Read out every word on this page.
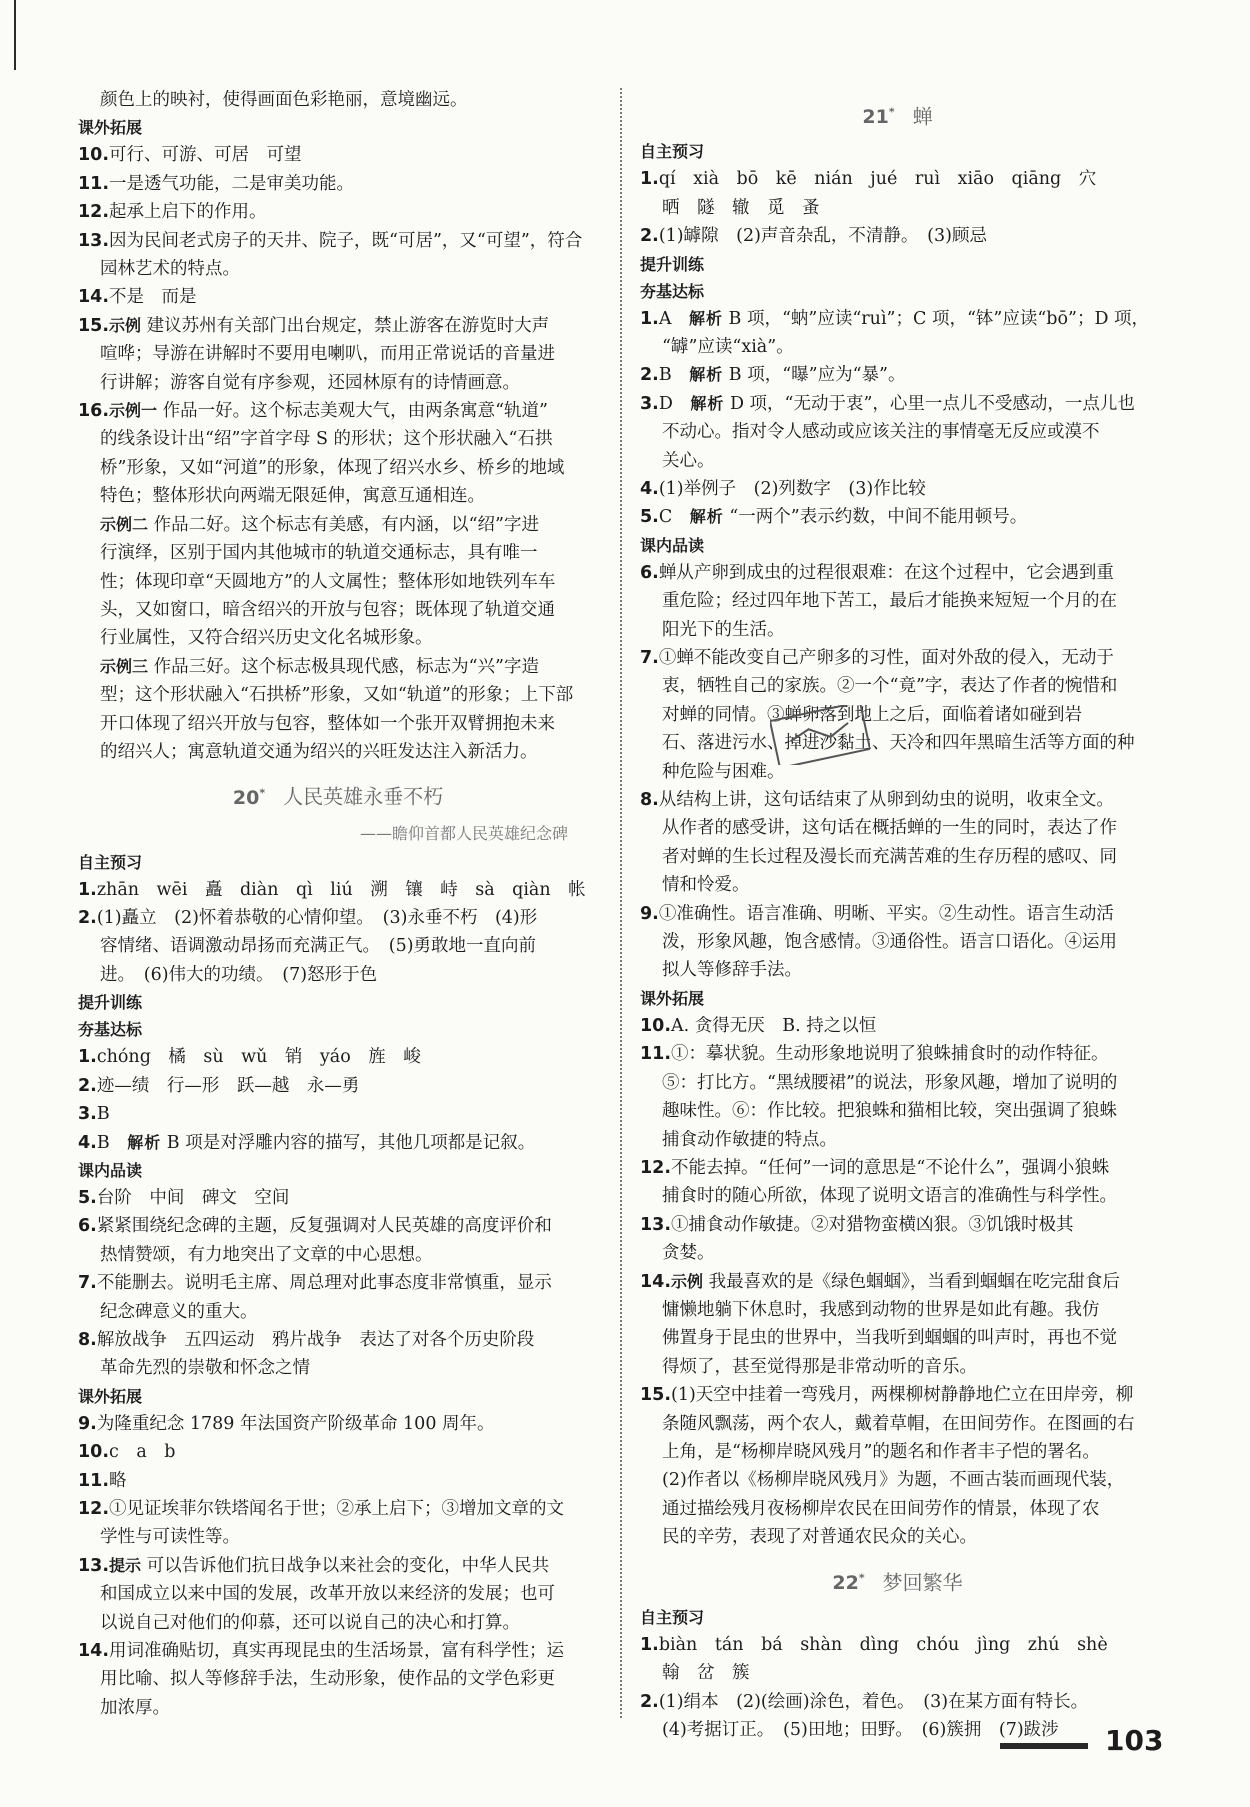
颜色上的映衬，使得画面色彩艳丽，意境幽远。
课外拓展
10.可行、可游、可居　可望
11.一是透气功能，二是审美功能。
12.起承上启下的作用。
13.因为民间老式房子的天井、院子，既“可居”，又“可望”，符合
园林艺术的特点。
14.不是　而是
15.示例 建议苏州有关部门出台规定，禁止游客在游览时大声
喧哗；导游在讲解时不要用电喇叭，而用正常说话的音量进
行讲解；游客自觉有序参观，还园林原有的诗情画意。
16.示例一 作品一好。这个标志美观大气，由两条寓意“轨道”
的线条设计出“绍”字首字母 S 的形状；这个形状融入“石拱
桥”形象，又如“河道”的形象，体现了绍兴水乡、桥乡的地域
特色；整体形状向两端无限延伸，寓意互通相连。
示例二 作品二好。这个标志有美感，有内涵，以“绍”字进
行演绎，区别于国内其他城市的轨道交通标志，具有唯一
性；体现印章“天圆地方”的人文属性；整体形如地铁列车车
头，又如窗口，暗含绍兴的开放与包容；既体现了轨道交通
行业属性，又符合绍兴历史文化名城形象。
示例三 作品三好。这个标志极具现代感，标志为“兴”字造
型；这个形状融入“石拱桥”形象，又如“轨道”的形象；上下部
开口体现了绍兴开放与包容，整体如一个张开双臂拥抱未来
的绍兴人；寓意轨道交通为绍兴的兴旺发达注入新活力。
20* 人民英雄永垂不朽
——瞻仰首都人民英雄纪念碑
自主预习
1.zhān　wēi　矗　diàn　qì　liú　溯　镶　峙　sà　qiàn　帐
2.(1)矗立　(2)怀着恭敬的心情仰望。　(3)永垂不朽　(4)形
容情绪、语调激动昂扬而充满正气。　(5)勇敢地一直向前
进。　(6)伟大的功绩。　(7)怒形于色
提升训练
夯基达标
1.chóng　橘　sù　wǔ　销　yáo　旌　峻
2.迹—绩　行—形　跃—越　永—勇
3.B
4.B　解析 B 项是对浮雕内容的描写，其他几项都是记叙。
课内品读
5.台阶　中间　碑文　空间
6.紧紧围绕纪念碑的主题，反复强调对人民英雄的高度评价和
热情赞颂，有力地突出了文章的中心思想。
7.不能删去。说明毛主席、周总理对此事态度非常慎重，显示
纪念碑意义的重大。
8.解放战争　五四运动　鸦片战争　表达了对各个历史阶段
革命先烈的崇敬和怀念之情
课外拓展
9.为隆重纪念 1789 年法国资产阶级革命 100 周年。
10.c　a　b
11.略
12.①见证埃菲尔铁塔闻名于世；②承上启下；③增加文章的文
学性与可读性等。
13.提示 可以告诉他们抗日战争以来社会的变化，中华人民共
和国成立以来中国的发展，改革开放以来经济的发展；也可
以说自己对他们的仰慕，还可以说自己的决心和打算。
14.用词准确贴切，真实再现昆虫的生活场景，富有科学性；运
用比喻、拟人等修辞手法，生动形象，使作品的文学色彩更
加浓厚。
21* 蝉
自主预习
1.qí　xià　bō　kē　nián　jué　ruì　xiāo　qiāng　穴
晒　隧　辙　觅　蚤
2.(1)罅隙　(2)声音杂乱，不清静。　(3)顾忌
提升训练
夯基达标
1.A　解析 B 项，“蚋”应读“ruì”；C 项，“钵”应读“bō”；D 项，
“罅”应读“xià”。
2.B　解析 B 项，“曝”应为“暴”。
3.D　解析 D 项，“无动于衷”，心里一点儿不受感动，一点儿也
不动心。指对令人感动或应该关注的事情毫无反应或漠不
关心。
4.(1)举例子　(2)列数字　(3)作比较
5.C　解析 “一两个”表示约数，中间不能用顿号。
课内品读
6.蝉从产卵到成虫的过程很艰难：在这个过程中，它会遇到重
重危险；经过四年地下苦工，最后才能换来短短一个月的在
阳光下的生活。
7.①蝉不能改变自己产卵多的习性，面对外敌的侵入，无动于
衷，牺牲自己的家族。②一个“竟”字，表达了作者的惋惜和
对蝉的同情。③蝉卵落到地上之后，面临着诸如碰到岩
石、落进污水、掉进沙黏土、天冷和四年黑暗生活等方面的种
种危险与困难。
8.从结构上讲，这句话结束了从卵到幼虫的说明，收束全文。
从作者的感受讲，这句话在概括蝉的一生的同时，表达了作
者对蝉的生长过程及漫长而充满苦难的生存历程的感叹、同
情和怜爱。
9.①准确性。语言准确、明晰、平实。②生动性。语言生动活
泼，形象风趣，饱含感情。③通俗性。语言口语化。④运用
拟人等修辞手法。
课外拓展
10.A. 贪得无厌　B. 持之以恒
11.①：摹状貌。生动形象地说明了狼蛛捕食时的动作特征。
⑤：打比方。“黑绒腰裙”的说法，形象风趣，增加了说明的
趣味性。⑥：作比较。把狼蛛和猫相比较，突出强调了狼蛛
捕食动作敏捷的特点。
12.不能去掉。“任何”一词的意思是“不论什么”，强调小狼蛛
捕食时的随心所欲，体现了说明文语言的准确性与科学性。
13.①捕食动作敏捷。②对猎物蛮横凶狠。③饥饿时极其
贪婪。
14.示例 我最喜欢的是《绿色蝈蝈》，当看到蝈蝈在吃完甜食后
慵懒地躺下休息时，我感到动物的世界是如此有趣。我仿
佛置身于昆虫的世界中，当我听到蝈蝈的叫声时，再也不觉
得烦了，甚至觉得那是非常动听的音乐。
15.(1)天空中挂着一弯残月，两棵柳树静静地伫立在田岸旁，柳
条随风飘荡，两个农人，戴着草帽，在田间劳作。在图画的右
上角，是“杨柳岸晓风残月”的题名和作者丰子恺的署名。
(2)作者以《杨柳岸晓风残月》为题，不画古装而画现代装，
通过描绘残月夜杨柳岸农民在田间劳作的情景，体现了农
民的辛劳，表现了对普通农民众的关心。
22* 梦回繁华
自主预习
1.biàn　tán　bá　shàn　dìng　chóu　jìng　zhú　shè
翰　岔　簇
2.(1)绢本　(2)(绘画)涂色，着色。　(3)在某方面有特长。
(4)考据订正。　(5)田地；田野。　(6)簇拥　(7)跋涉	103
